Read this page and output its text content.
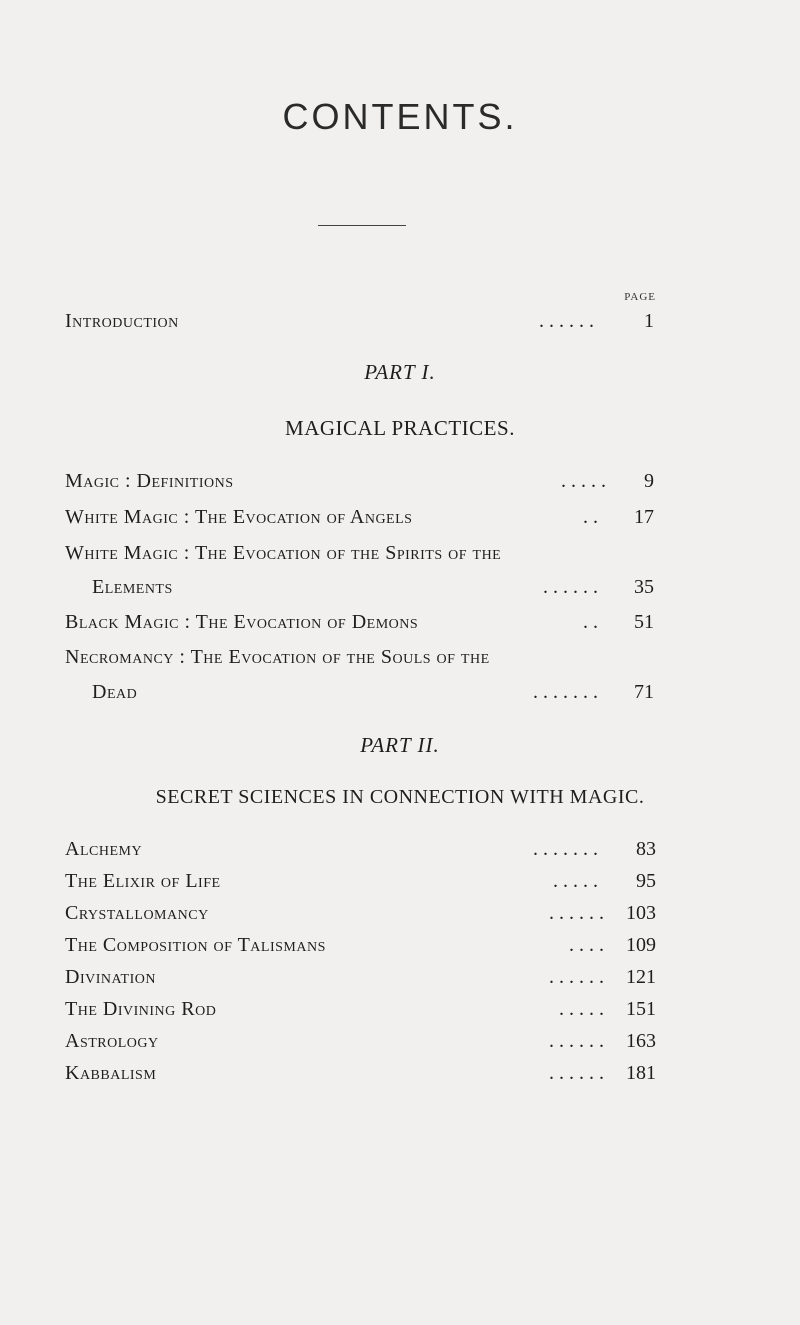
CONTENTS.
PAGE
Introduction	. . . . . .	1
PART I.
MAGICAL PRACTICES.
Magic : Definitions	. . . . . 9
White Magic : The Evocation of Angels	. . 17
White Magic : The Evocation of the Spirits of the
Elements	. . . . . . 35
Black Magic : The Evocation of Demons	. . 51
Necromancy : The Evocation of the Souls of the
Dead	. . . . . . . 71
PART II.
SECRET SCIENCES IN CONNECTION WITH MAGIC.
Alchemy	. . . . . . . 83
The Elixir of Life	. . . . . 95
Crystallomancy	. . . . . . 103
The Composition of Talismans	. . . . 109
Divination	. . . . . . 121
The Divining Rod	. . . . . 151
Astrology	. . . . . . 163
Kabbalism	. . . . . . 181
